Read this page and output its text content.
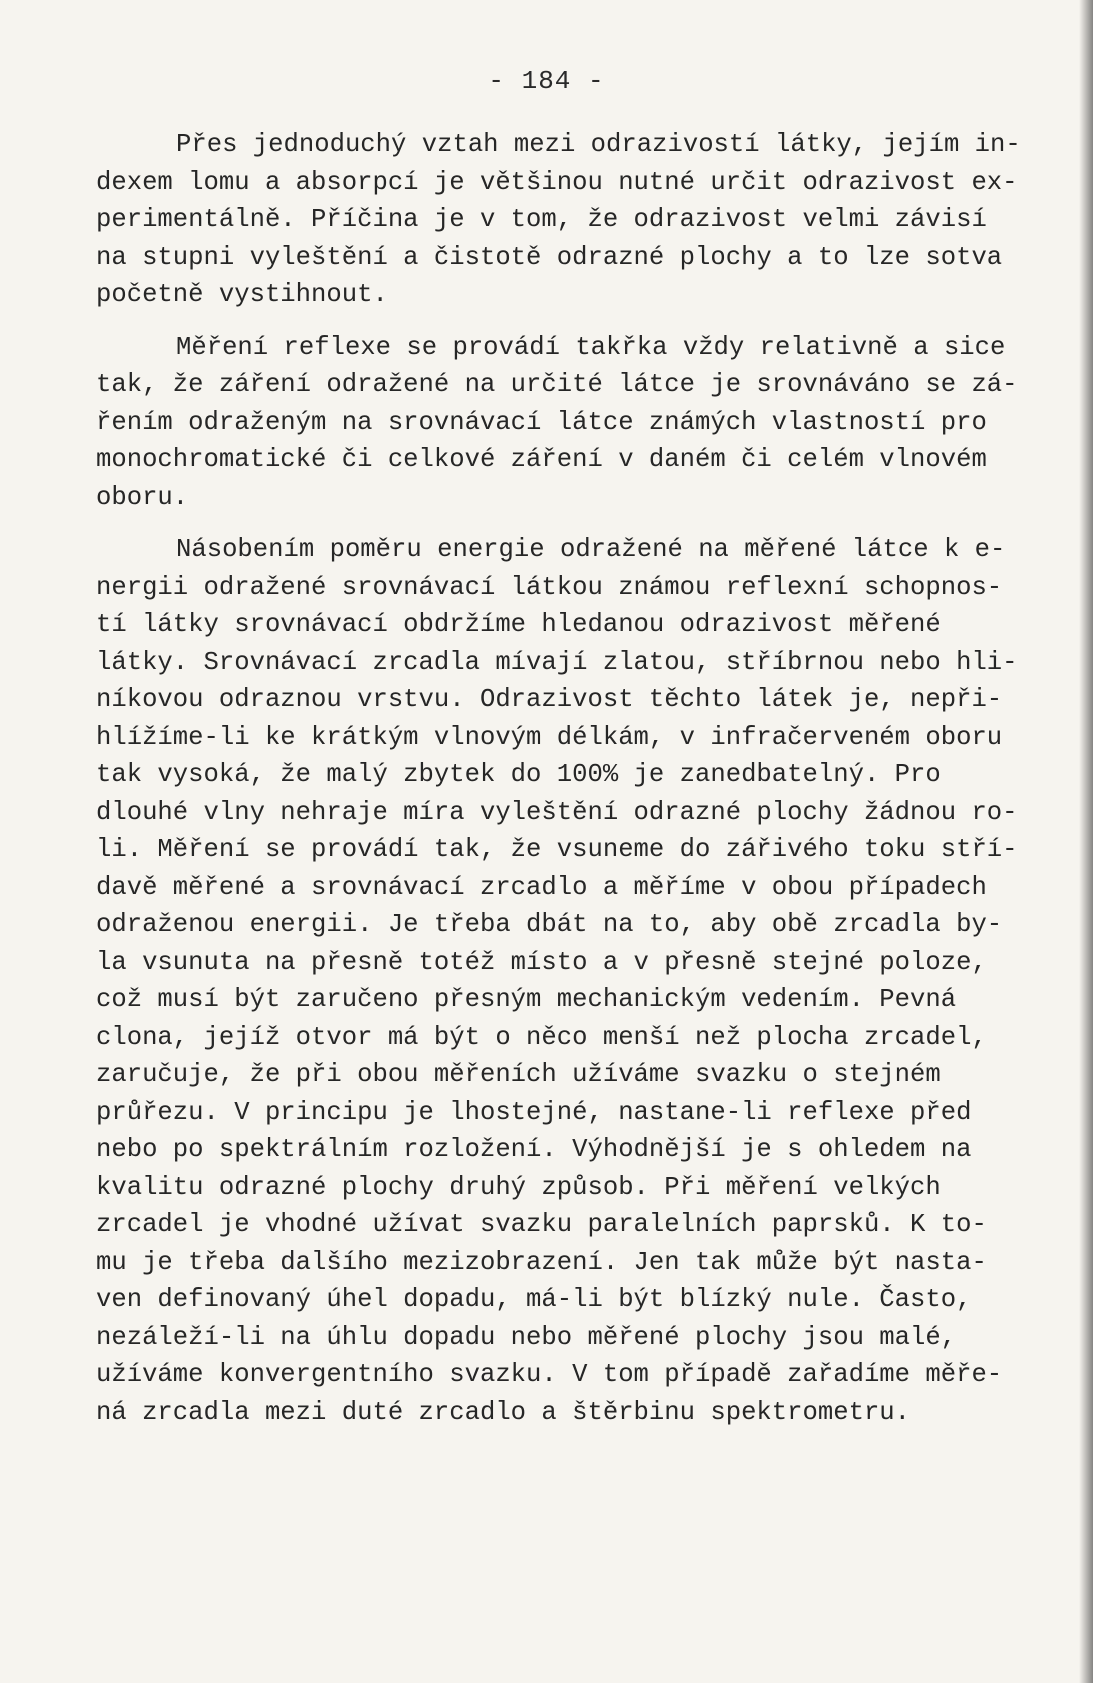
- 184 -
Přes jednoduchý vztah mezi odrazivostí látky, jejím in-
dexem lomu a absorpcí je většinou nutné určit odrazivost ex-
perimentálně. Příčina je v tom, že odrazivost velmi závisí
na stupni vyleštění a čistotě odrazné plochy a to lze sotva
početně vystihnout.
Měření reflexe se provádí takřka vždy relativně a sice
tak, že záření odražené na určité látce je srovnáváno se zá-
řením odraženým na srovnávací látce známých vlastností pro
monochromatické či celkové záření v daném či celém vlnovém
oboru.
Násobením poměru energie odražené na měřené látce k e-
nergii odražené srovnávací látkou známou reflexní schopnos-
tí látky srovnávací obdržíme hledanou odrazivost měřené
látky. Srovnávací zrcadla mívají zlatou, stříbrnou nebo hli-
níkovou odraznou vrstvu. Odrazivost těchto látek je, nepři-
hlížíme-li ke krátkým vlnovým délkám, v infračerveném oboru
tak vysoká, že malý zbytek do 100% je zanedbatelný. Pro
dlouhé vlny nehraje míra vyleštění odrazné plochy žádnou ro-
li. Měření se provádí tak, že vsuneme do zářivého toku stří-
davě měřené a srovnávací zrcadlo a měříme v obou případech
odraženou energii. Je třeba dbát na to, aby obě zrcadla by-
la vsunuta na přesně totéž místo a v přesně stejné poloze,
což musí být zaručeno přesným mechanickým vedením. Pevná
clona, jejíž otvor má být o něco menší než plocha zrcadel,
zaručuje, že při obou měřeních užíváme svazku o stejném
průřezu. V principu je lhostejné, nastane-li reflexe před
nebo po spektrálním rozložení. Výhodnější je s ohledem na
kvalitu odrazné plochy druhý způsob. Při měření velkých
zrcadel je vhodné užívat svazku paralelních paprsků. K to-
mu je třeba dalšího mezizobrazení. Jen tak může být nasta-
ven definovaný úhel dopadu, má-li být blízký nule. Často,
nezáleží-li na úhlu dopadu nebo měřené plochy jsou malé,
užíváme konvergentního svazku. V tom případě zařadíme měře-
ná zrcadla mezi duté zrcadlo a štěrbinu spektrometru.
